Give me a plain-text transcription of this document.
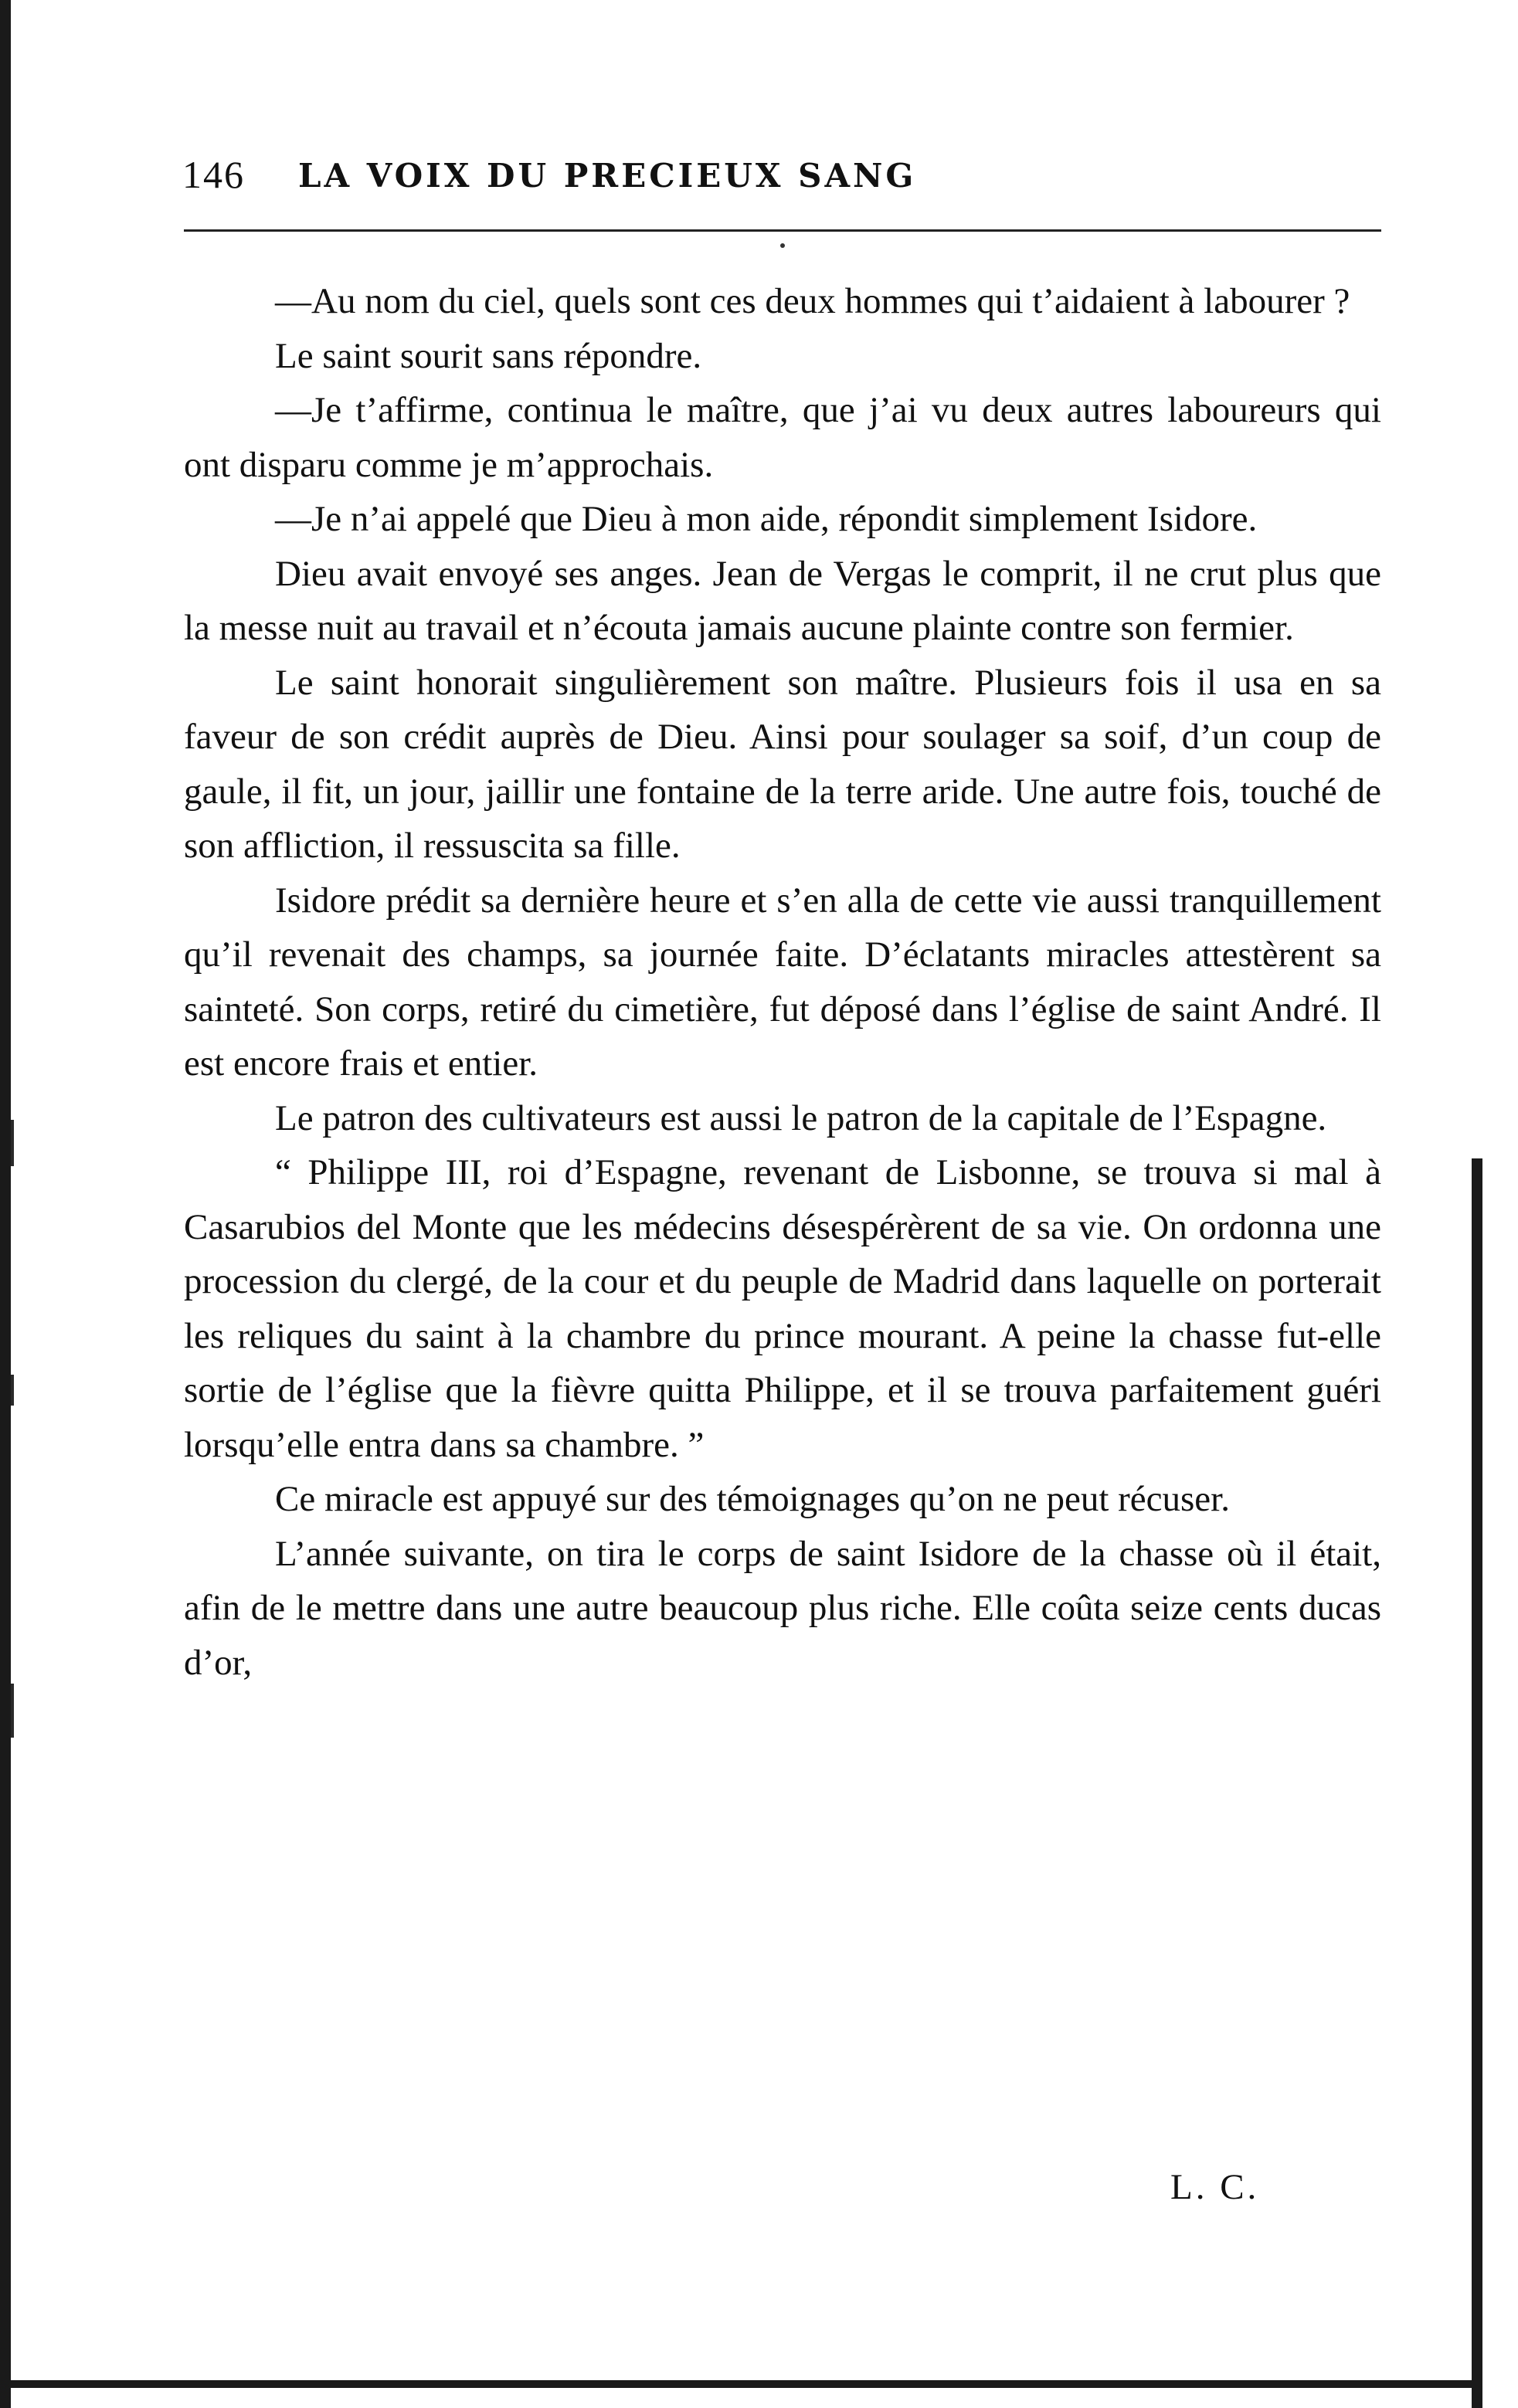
146 LA VOIX DU PRECIEUX SANG

—Au nom du ciel, quels sont ces deux hommes qui t’aidaient à labourer ?

Le saint sourit sans répondre.

—Je t’affirme, continua le maître, que j’ai vu deux autres laboureurs qui ont disparu comme je m’approchais.

—Je n’ai appelé que Dieu à mon aide, répondit simplement Isidore.

Dieu avait envoyé ses anges. Jean de Vergas le comprit, il ne crut plus que la messe nuit au travail et n’écouta jamais aucune plainte contre son fermier.

Le saint honorait singulièrement son maître. Plusieurs fois il usa en sa faveur de son crédit auprès de Dieu. Ainsi pour soulager sa soif, d’un coup de gaule, il fit, un jour, jaillir une fontaine de la terre aride. Une autre fois, touché de son affliction, il ressuscita sa fille.

Isidore prédit sa dernière heure et s’en alla de cette vie aussi tranquillement qu’il revenait des champs, sa journée faite. D’éclatants miracles attestèrent sa sainteté. Son corps, retiré du cimetière, fut déposé dans l’église de saint André. Il est encore frais et entier.

Le patron des cultivateurs est aussi le patron de la capitale de l’Espagne.

“ Philippe III, roi d’Espagne, revenant de Lisbonne, se trouva si mal à Casarubios del Monte que les médecins désespérèrent de sa vie. On ordonna une procession du clergé, de la cour et du peuple de Madrid dans laquelle on porterait les reliques du saint à la chambre du prince mourant. A peine la chasse fut-elle sortie de l’église que la fièvre quitta Philippe, et il se trouva parfaitement guéri lorsqu’elle entra dans sa chambre. ”

Ce miracle est appuyé sur des témoignages qu’on ne peut récuser.

L’année suivante, on tira le corps de saint Isidore de la chasse où il était, afin de le mettre dans une autre beaucoup plus riche. Elle coûta seize cents ducas d’or,

L. C.
